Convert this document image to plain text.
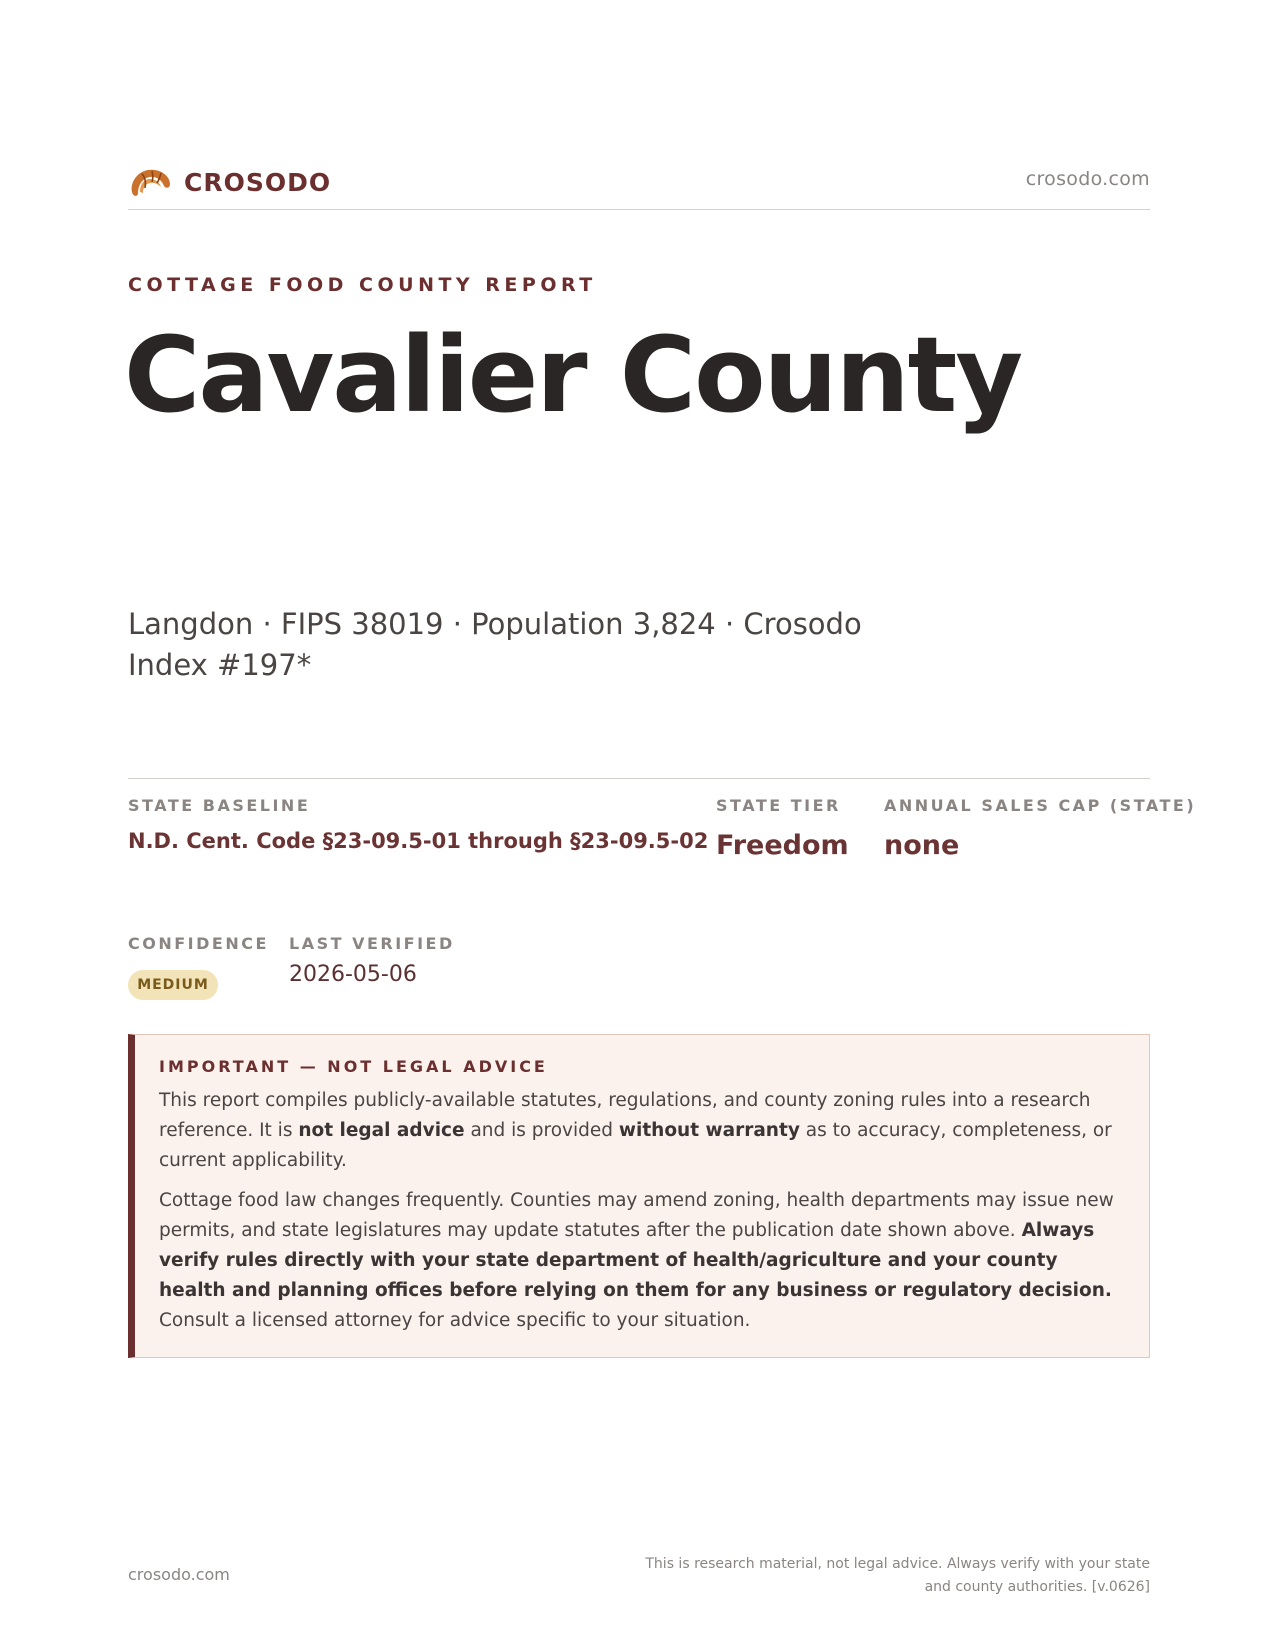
CROSODO	crosodo.com
COTTAGE FOOD COUNTY REPORT
Cavalier County
Langdon · FIPS 38019 · Population 3,824 · Crosodo Index #197*
STATE BASELINE
N.D. Cent. Code §23-09.5-01 through §23-09.5-02
STATE TIER
Freedom
ANNUAL SALES CAP (STATE)
none
CONFIDENCE
MEDIUM
LAST VERIFIED
2026-05-06
IMPORTANT — NOT LEGAL ADVICE

This report compiles publicly-available statutes, regulations, and county zoning rules into a research reference. It is not legal advice and is provided without warranty as to accuracy, completeness, or current applicability.

Cottage food law changes frequently. Counties may amend zoning, health departments may issue new permits, and state legislatures may update statutes after the publication date shown above. Always verify rules directly with your state department of health/agriculture and your county health and planning offices before relying on them for any business or regulatory decision. Consult a licensed attorney for advice specific to your situation.

crosodo.com
This is research material, not legal advice. Always verify with your state and county authorities. [v.0626]
